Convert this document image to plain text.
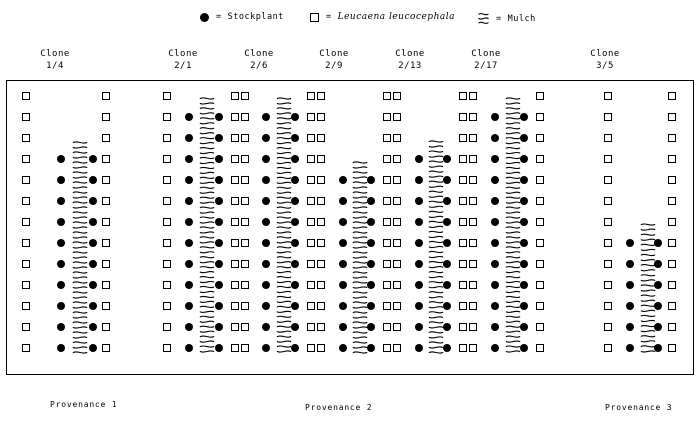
= Stockplant	= Leucaena leucocephala	= Mulch
Clone
1/4
Clone
2/1
Clone
2/6
Clone
2/9
Clone
2/13
Clone
2/17
Clone
3/5
Provenance 1	Provenance 2	Provenance 3
